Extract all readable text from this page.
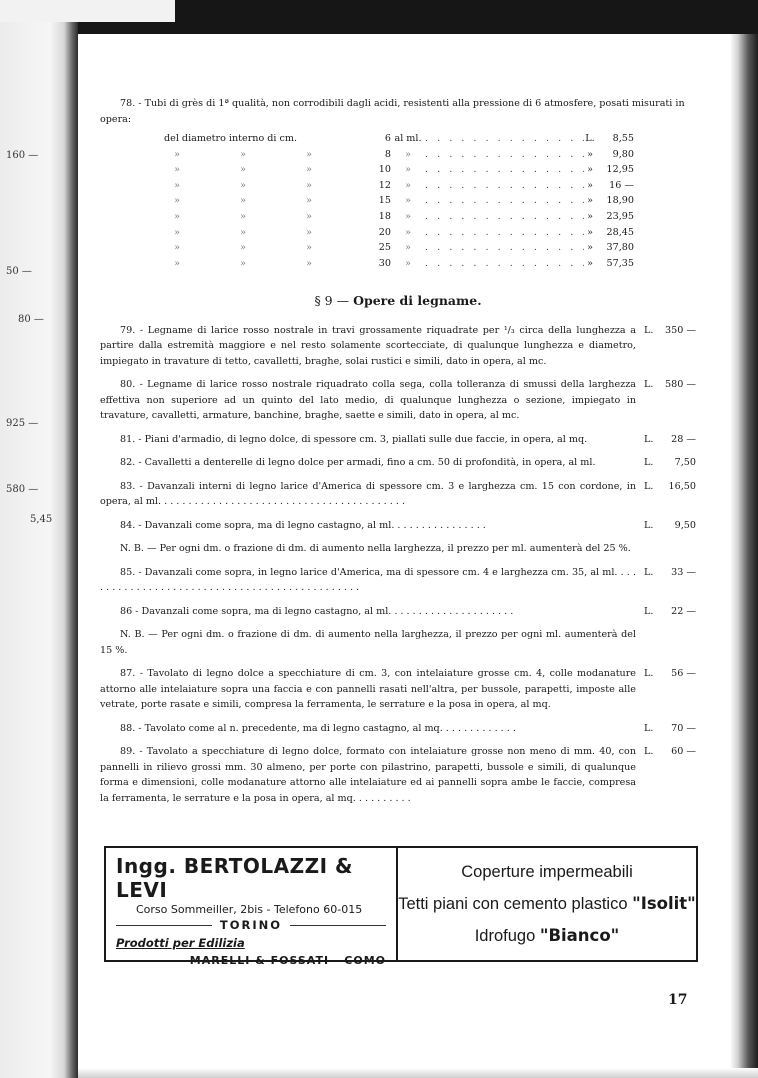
160 —
50 —
80 —
925 —
580 —
5,45
78. - Tubi di grès di 1ª qualità, non corrodibili dagli acidi, resistenti alla pressione di 6 atmosfere, posati misurati in opera:
del diametro interno di cm.	6 al ml. . . .	L.	8,55
»	»	»	8	» . . .	»	9,80
»	»	»	10	» . . .	»	12,95
»	»	»	12	» . . .	»	16 —
»	»	»	15	» . . .	»	18,90
»	»	»	18	» . . .	»	23,95
»	»	»	20	» . . .	»	28,45
»	»	»	25	» . . .	»	37,80
»	»	»	30	» . . .	»	57,35
§ 9 — Opere di legname.
79. - Legname di larice rosso nostrale in travi grossamente riquadrate per ¹/₃ circa della lunghezza a partire dalla estremità maggiore e nel resto solamente scortecciate, di qualunque lunghezza e diametro, impiegato in travature di tetto, cavalletti, braghe, solai rustici e simili, dato in opera, al mc.
L. 350 —
80. - Legname di larice rosso nostrale riquadrato colla sega, colla tolleranza di smussi della larghezza effettiva non superiore ad un quinto del lato medio, di qualunque lunghezza o sezione, impiegato in travature, cavalletti, armature, banchine, braghe, saette e simili, dato in opera, al mc.
L. 580 —
81. - Piani d'armadio, di legno dolce, di spessore cm. 3, piallati sulle due faccie, in opera, al mq.	L. 28 —
82. - Cavalletti a denterelle di legno dolce per armadi, fino a cm. 50 di profondità, in opera, al ml.	L. 7,50
83. - Davanzali interni di legno larice d'America di spessore cm. 3 e larghezza cm. 15 con cordone, in opera, al ml. . . . . . . . . . . . . . . . . . . . . . . . . . . . . . . . . . . . . . . . .
L. 16,50
84. - Davanzali come sopra, ma di legno castagno, al ml. . . . . . . . . . . . . . . .	L. 9,50
N. B. — Per ogni dm. o frazione di dm. di aumento nella larghezza, il prezzo per ml. aumenterà del 25 %.
85. - Davanzali come sopra, in legno larice d'America, ma di spessore cm. 4 e larghezza cm. 35, al ml. . . . . . . . . . . . . . . . . . . . . . . . . . . . . . . . . . . . . . . . . . . . . . .
L. 33 —
86 - Davanzali come sopra, ma di legno castagno, al ml. . . . . . . . . . . . . . . . . . . . .	L. 22 —
N. B. — Per ogni dm. o frazione di dm. di aumento nella larghezza, il prezzo per ogni ml. aumenterà del 15 %.
87. - Tavolato di legno dolce a specchiature di cm. 3, con intelaiature grosse cm. 4, colle modanature attorno alle intelaiature sopra una faccia e con pannelli rasati nell'altra, per bussole, parapetti, imposte alle vetrate, porte rasate e simili, compresa la ferramenta, le serrature e la posa in opera, al mq.
L. 56 —
88. - Tavolato come al n. precedente, ma di legno castagno, al mq. . . . . . . . . . . . .	L. 70 —
89. - Tavolato a specchiature di legno dolce, formato con intelaiature grosse non meno di mm. 40, con pannelli in rilievo grossi mm. 30 almeno, per porte con pilastrino, parapetti, bussole e simili, di qualunque forma e dimensioni, colle modanature attorno alle intelaiature ed ai pannelli sopra ambe le faccie, compresa la ferramenta, le serrature e la posa in opera, al mq. . . . . . . . . .
L. 60 —
Ingg. BERTOLAZZI & LEVI
Corso Sommeiller, 2bis - Telefono 60-015
TORINO
Prodotti per Edilizia
MARELLI & FOSSATI - COMO
Coperture impermeabili
Tetti piani con cemento plastico "Isolit"
Idrofugo "Bianco"
17
